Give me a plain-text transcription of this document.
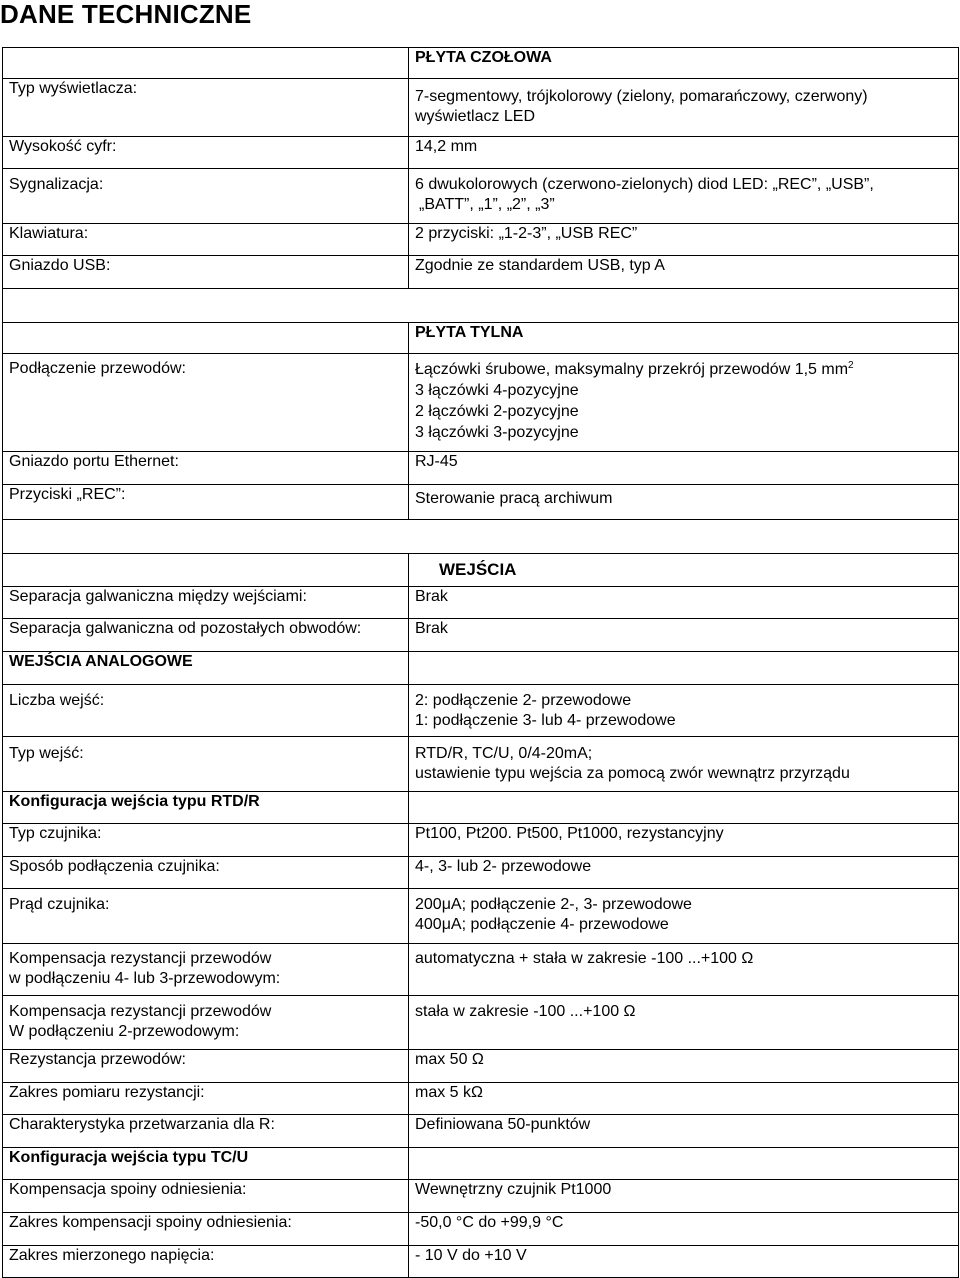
DANE TECHNICZNE
	PŁYTA CZOŁOWA
Typ wyświetlacza:	7-segmentowy, trójkolorowy (zielony, pomarańczowy, czerwony)
wyświetlacz LED

Wysokość cyfr:	14,2 mm
Sygnalizacja:	6 dwukolorowych (czerwono-zielonych) diod LED: „REC”, „USB”,
„BATT”, „1”, „2”, „3”

Klawiatura:	2 przyciski: „1-2-3”, „USB REC”
Gniazdo USB:	Zgodnie ze standardem USB, typ A

	PŁYTA TYLNA
Podłączenie przewodów:	Łączówki śrubowe, maksymalny przekrój przewodów 1,5 $mm^2$
3 łączówki 4-pozycyjne
2 łączówki 2-pozycyjne
3 łączówki 3-pozycyjne

Gniazdo portu Ethernet:	RJ-45
Przyciski „REC”:	Sterowanie pracą archiwum

	WEJŚCIA
Separacja galwaniczna między wejściami:	Brak
Separacja galwaniczna od pozostałych obwodów:	Brak
WEJŚCIA ANALOGOWE	
Liczba wejść:	2: podłączenie 2- przewodowe
1: podłączenie 3- lub 4- przewodowe

Typ wejść:	RTD/R, TC/U, 0/4-20mA;
ustawienie typu wejścia za pomocą zwór wewnątrz przyrządu

Konfiguracja wejścia typu RTD/R	
Typ czujnika:	Pt100, Pt200. Pt500, Pt1000, rezystancyjny
Sposób podłączenia czujnika:	4-, 3- lub 2- przewodowe
Prąd czujnika:	200μA; podłączenie 2-, 3- przewodowe
400μA; podłączenie 4- przewodowe

Kompensacja rezystancji przewodów
w podłączeniu 4- lub 3-przewodowym:	automatyczna + stała w zakresie -100 ...+100 Ω

Kompensacja rezystancji przewodów
W podłączeniu 2-przewodowym:	stała w zakresie -100 ...+100 Ω
Rezystancja przewodów:	max 50 Ω
Zakres pomiaru rezystancji:	max 5 kΩ
Charakterystyka przetwarzania dla R:	Definiowana 50-punktów
Konfiguracja wejścia typu TC/U	
Kompensacja spoiny odniesienia:	Wewnętrzny czujnik Pt1000
Zakres kompensacji spoiny odniesienia:	-50,0 °C do +99,9 °C
Zakres mierzonego napięcia:	- 10 V do +10 V
